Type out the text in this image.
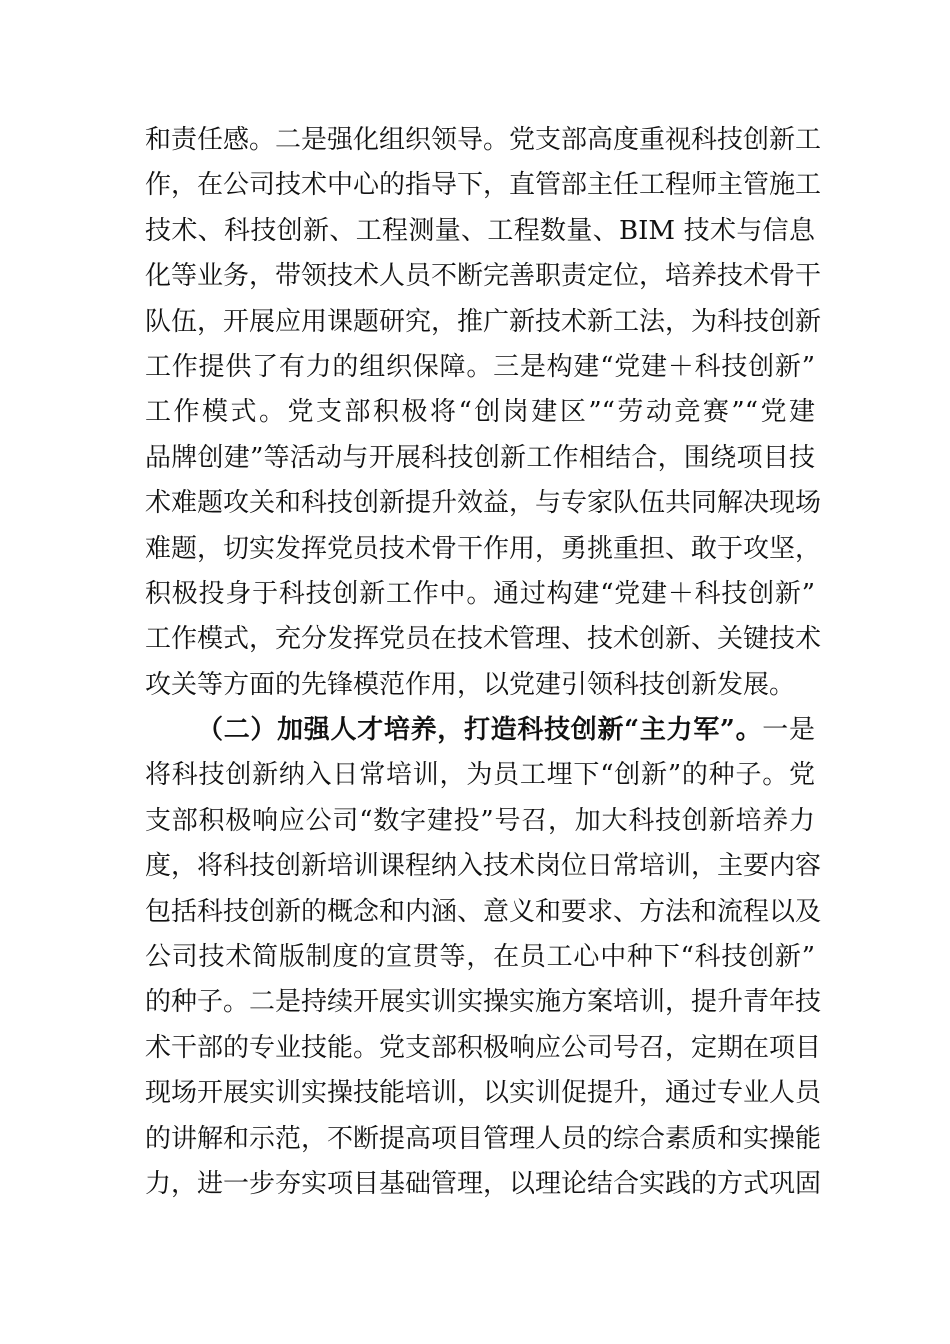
和责任感。二是强化组织领导。党支部高度重视科技创新工
作，在公司技术中心的指导下，直管部主任工程师主管施工
技术、科技创新、工程测量、工程数量、BIM 技术与信息
化等业务，带领技术人员不断完善职责定位，培养技术骨干
队伍，开展应用课题研究，推广新技术新工法，为科技创新
工作提供了有力的组织保障。三是构建“党建＋科技创新”
工作模式。党支部积极将“创岗建区”“劳动竞赛”“党建
品牌创建”等活动与开展科技创新工作相结合，围绕项目技
术难题攻关和科技创新提升效益，与专家队伍共同解决现场
难题，切实发挥党员技术骨干作用，勇挑重担、敢于攻坚，
积极投身于科技创新工作中。通过构建“党建＋科技创新”
工作模式，充分发挥党员在技术管理、技术创新、关键技术
攻关等方面的先锋模范作用，以党建引领科技创新发展。
（二）加强人才培养，打造科技创新“主力军”。一是
将科技创新纳入日常培训，为员工埋下“创新”的种子。党
支部积极响应公司“数字建投”号召，加大科技创新培养力
度，将科技创新培训课程纳入技术岗位日常培训，主要内容
包括科技创新的概念和内涵、意义和要求、方法和流程以及
公司技术简版制度的宣贯等，在员工心中种下“科技创新”
的种子。二是持续开展实训实操实施方案培训，提升青年技
术干部的专业技能。党支部积极响应公司号召，定期在项目
现场开展实训实操技能培训，以实训促提升，通过专业人员
的讲解和示范，不断提高项目管理人员的综合素质和实操能
力，进一步夯实项目基础管理，以理论结合实践的方式巩固
